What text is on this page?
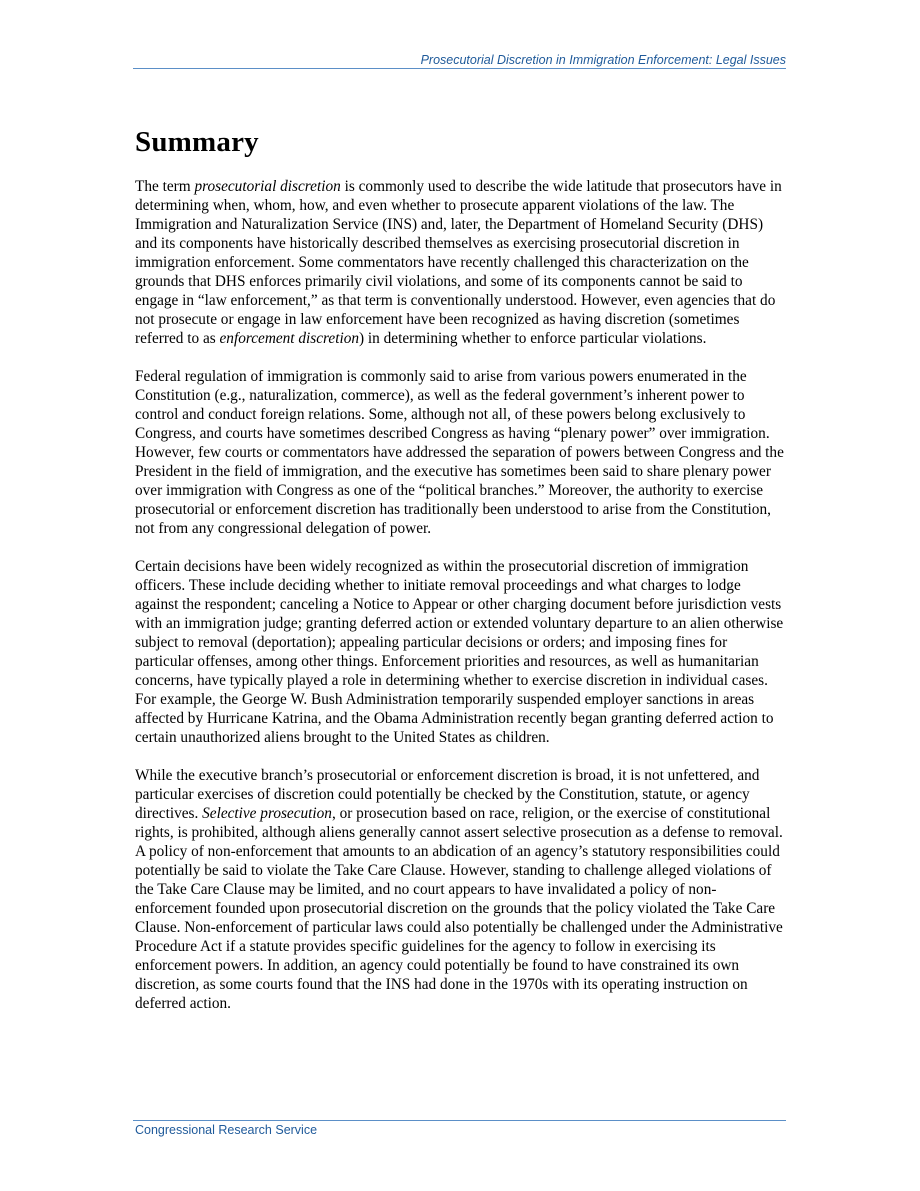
Prosecutorial Discretion in Immigration Enforcement: Legal Issues
Summary

The term prosecutorial discretion is commonly used to describe the wide latitude that prosecutors have in determining when, whom, how, and even whether to prosecute apparent violations of the law. The Immigration and Naturalization Service (INS) and, later, the Department of Homeland Security (DHS) and its components have historically described themselves as exercising prosecutorial discretion in immigration enforcement. Some commentators have recently challenged this characterization on the grounds that DHS enforces primarily civil violations, and some of its components cannot be said to engage in “law enforcement,” as that term is conventionally understood. However, even agencies that do not prosecute or engage in law enforcement have been recognized as having discretion (sometimes referred to as enforcement discretion) in determining whether to enforce particular violations.

Federal regulation of immigration is commonly said to arise from various powers enumerated in the Constitution (e.g., naturalization, commerce), as well as the federal government’s inherent power to control and conduct foreign relations. Some, although not all, of these powers belong exclusively to Congress, and courts have sometimes described Congress as having “plenary power” over immigration. However, few courts or commentators have addressed the separation of powers between Congress and the President in the field of immigration, and the executive has sometimes been said to share plenary power over immigration with Congress as one of the “political branches.” Moreover, the authority to exercise prosecutorial or enforcement discretion has traditionally been understood to arise from the Constitution, not from any congressional delegation of power.

Certain decisions have been widely recognized as within the prosecutorial discretion of immigration officers. These include deciding whether to initiate removal proceedings and what charges to lodge against the respondent; canceling a Notice to Appear or other charging document before jurisdiction vests with an immigration judge; granting deferred action or extended voluntary departure to an alien otherwise subject to removal (deportation); appealing particular decisions or orders; and imposing fines for particular offenses, among other things. Enforcement priorities and resources, as well as humanitarian concerns, have typically played a role in determining whether to exercise discretion in individual cases. For example, the George W. Bush Administration temporarily suspended employer sanctions in areas affected by Hurricane Katrina, and the Obama Administration recently began granting deferred action to certain unauthorized aliens brought to the United States as children.

While the executive branch’s prosecutorial or enforcement discretion is broad, it is not unfettered, and particular exercises of discretion could potentially be checked by the Constitution, statute, or agency directives. Selective prosecution, or prosecution based on race, religion, or the exercise of constitutional rights, is prohibited, although aliens generally cannot assert selective prosecution as a defense to removal. A policy of non-enforcement that amounts to an abdication of an agency’s statutory responsibilities could potentially be said to violate the Take Care Clause. However, standing to challenge alleged violations of the Take Care Clause may be limited, and no court appears to have invalidated a policy of non-enforcement founded upon prosecutorial discretion on the grounds that the policy violated the Take Care Clause. Non-enforcement of particular laws could also potentially be challenged under the Administrative Procedure Act if a statute provides specific guidelines for the agency to follow in exercising its enforcement powers. In addition, an agency could potentially be found to have constrained its own discretion, as some courts found that the INS had done in the 1970s with its operating instruction on deferred action.

Congressional Research Service
